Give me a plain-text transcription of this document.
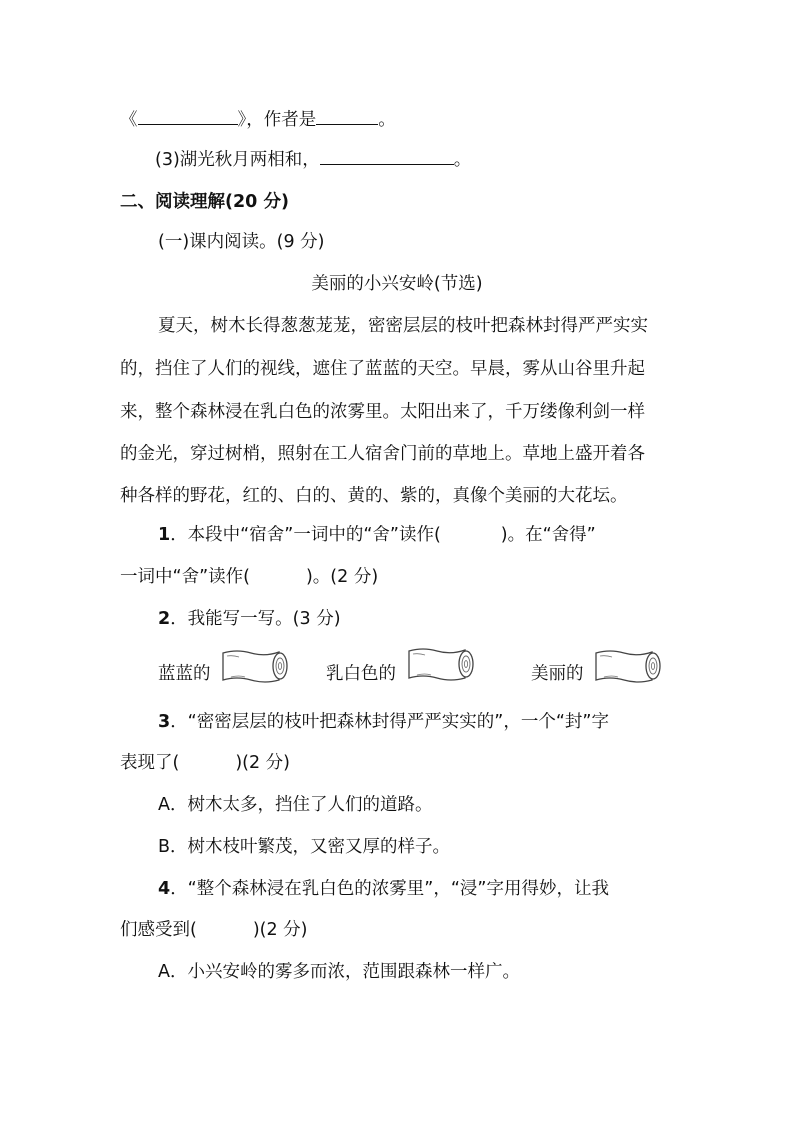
《	》，作者是	。
(3)湖光秋月两相和，	。
二、阅读理解(20 分)
(一)课内阅读。(9 分)
美丽的小兴安岭(节选)
夏天，树木长得葱葱茏茏，密密层层的枝叶把森林封得严严实实
的，挡住了人们的视线，遮住了蓝蓝的天空。早晨，雾从山谷里升起
来，整个森林浸在乳白色的浓雾里。太阳出来了，千万缕像利剑一样
的金光，穿过树梢，照射在工人宿舍门前的草地上。草地上盛开着各
种各样的野花，红的、白的、黄的、紫的，真像个美丽的大花坛。
1．本段中“宿舍”一词中的“舍”读作(	)。在“舍得”
一词中“舍”读作(	)。(2 分)
2．我能写一写。(3 分)
蓝蓝的	乳白色的	美丽的
3．“密密层层的枝叶把森林封得严严实实的”，一个“封”字
表现了(	)(2 分)
A．树木太多，挡住了人们的道路。
B．树木枝叶繁茂，又密又厚的样子。
4．“整个森林浸在乳白色的浓雾里”，“浸”字用得妙，让我
们感受到(	)(2 分)
A．小兴安岭的雾多而浓，范围跟森林一样广。
